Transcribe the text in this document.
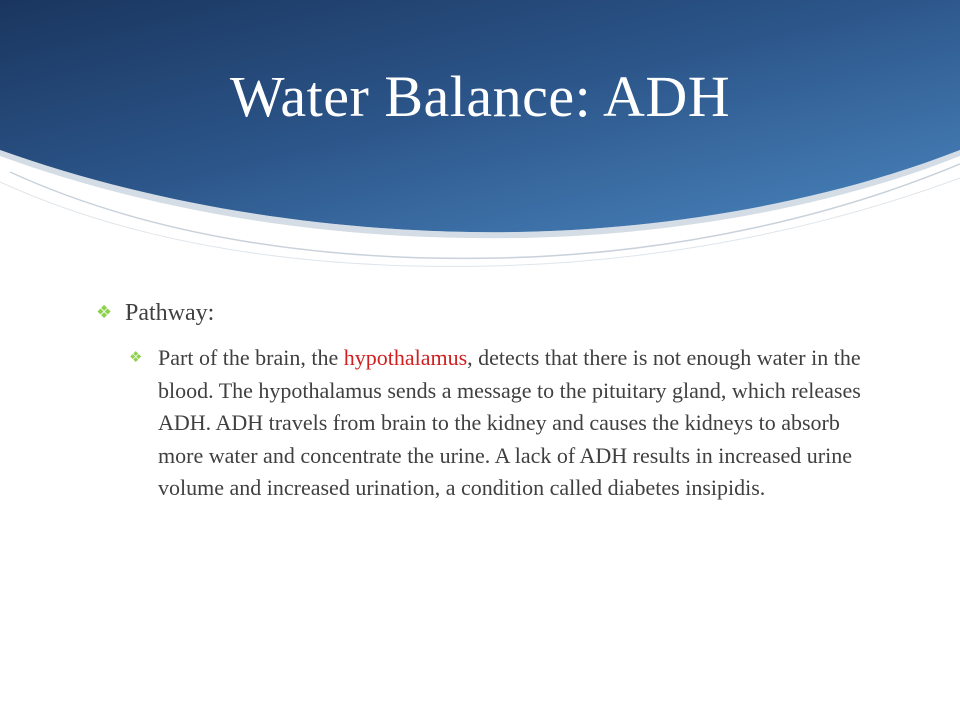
Water Balance: ADH
❖ Pathway:
❖ Part of the brain, the hypothalamus, detects that there is not enough water in the blood. The hypothalamus sends a message to the pituitary gland, which releases ADH. ADH travels from brain to the kidney and causes the kidneys to absorb more water and concentrate the urine. A lack of ADH results in increased urine volume and increased urination, a condition called diabetes insipidis.
